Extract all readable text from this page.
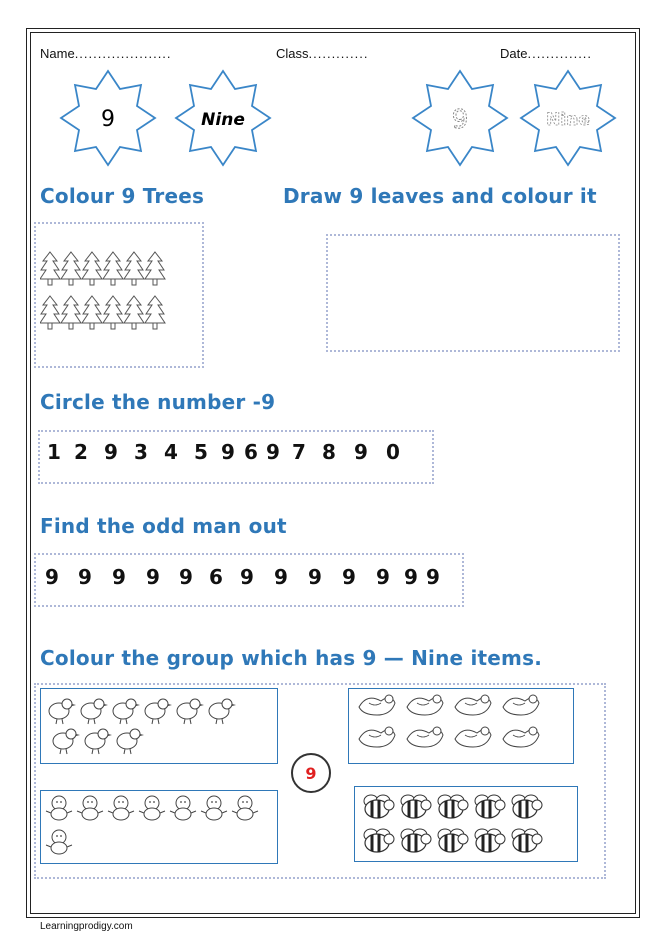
Name.....................	Class.............	Date..............
9	Nine	9	Nine
Colour 9 Trees	Draw 9 leaves and colour it
Circle the number -9
1 2 9 3 4 5 9 6 9 7 8 9 0
Find the odd man out
9 9	9	9 9 6 9	9	9	9	9 9 9
Colour the group which has 9 — Nine items.
9
Learningprodigy.com
